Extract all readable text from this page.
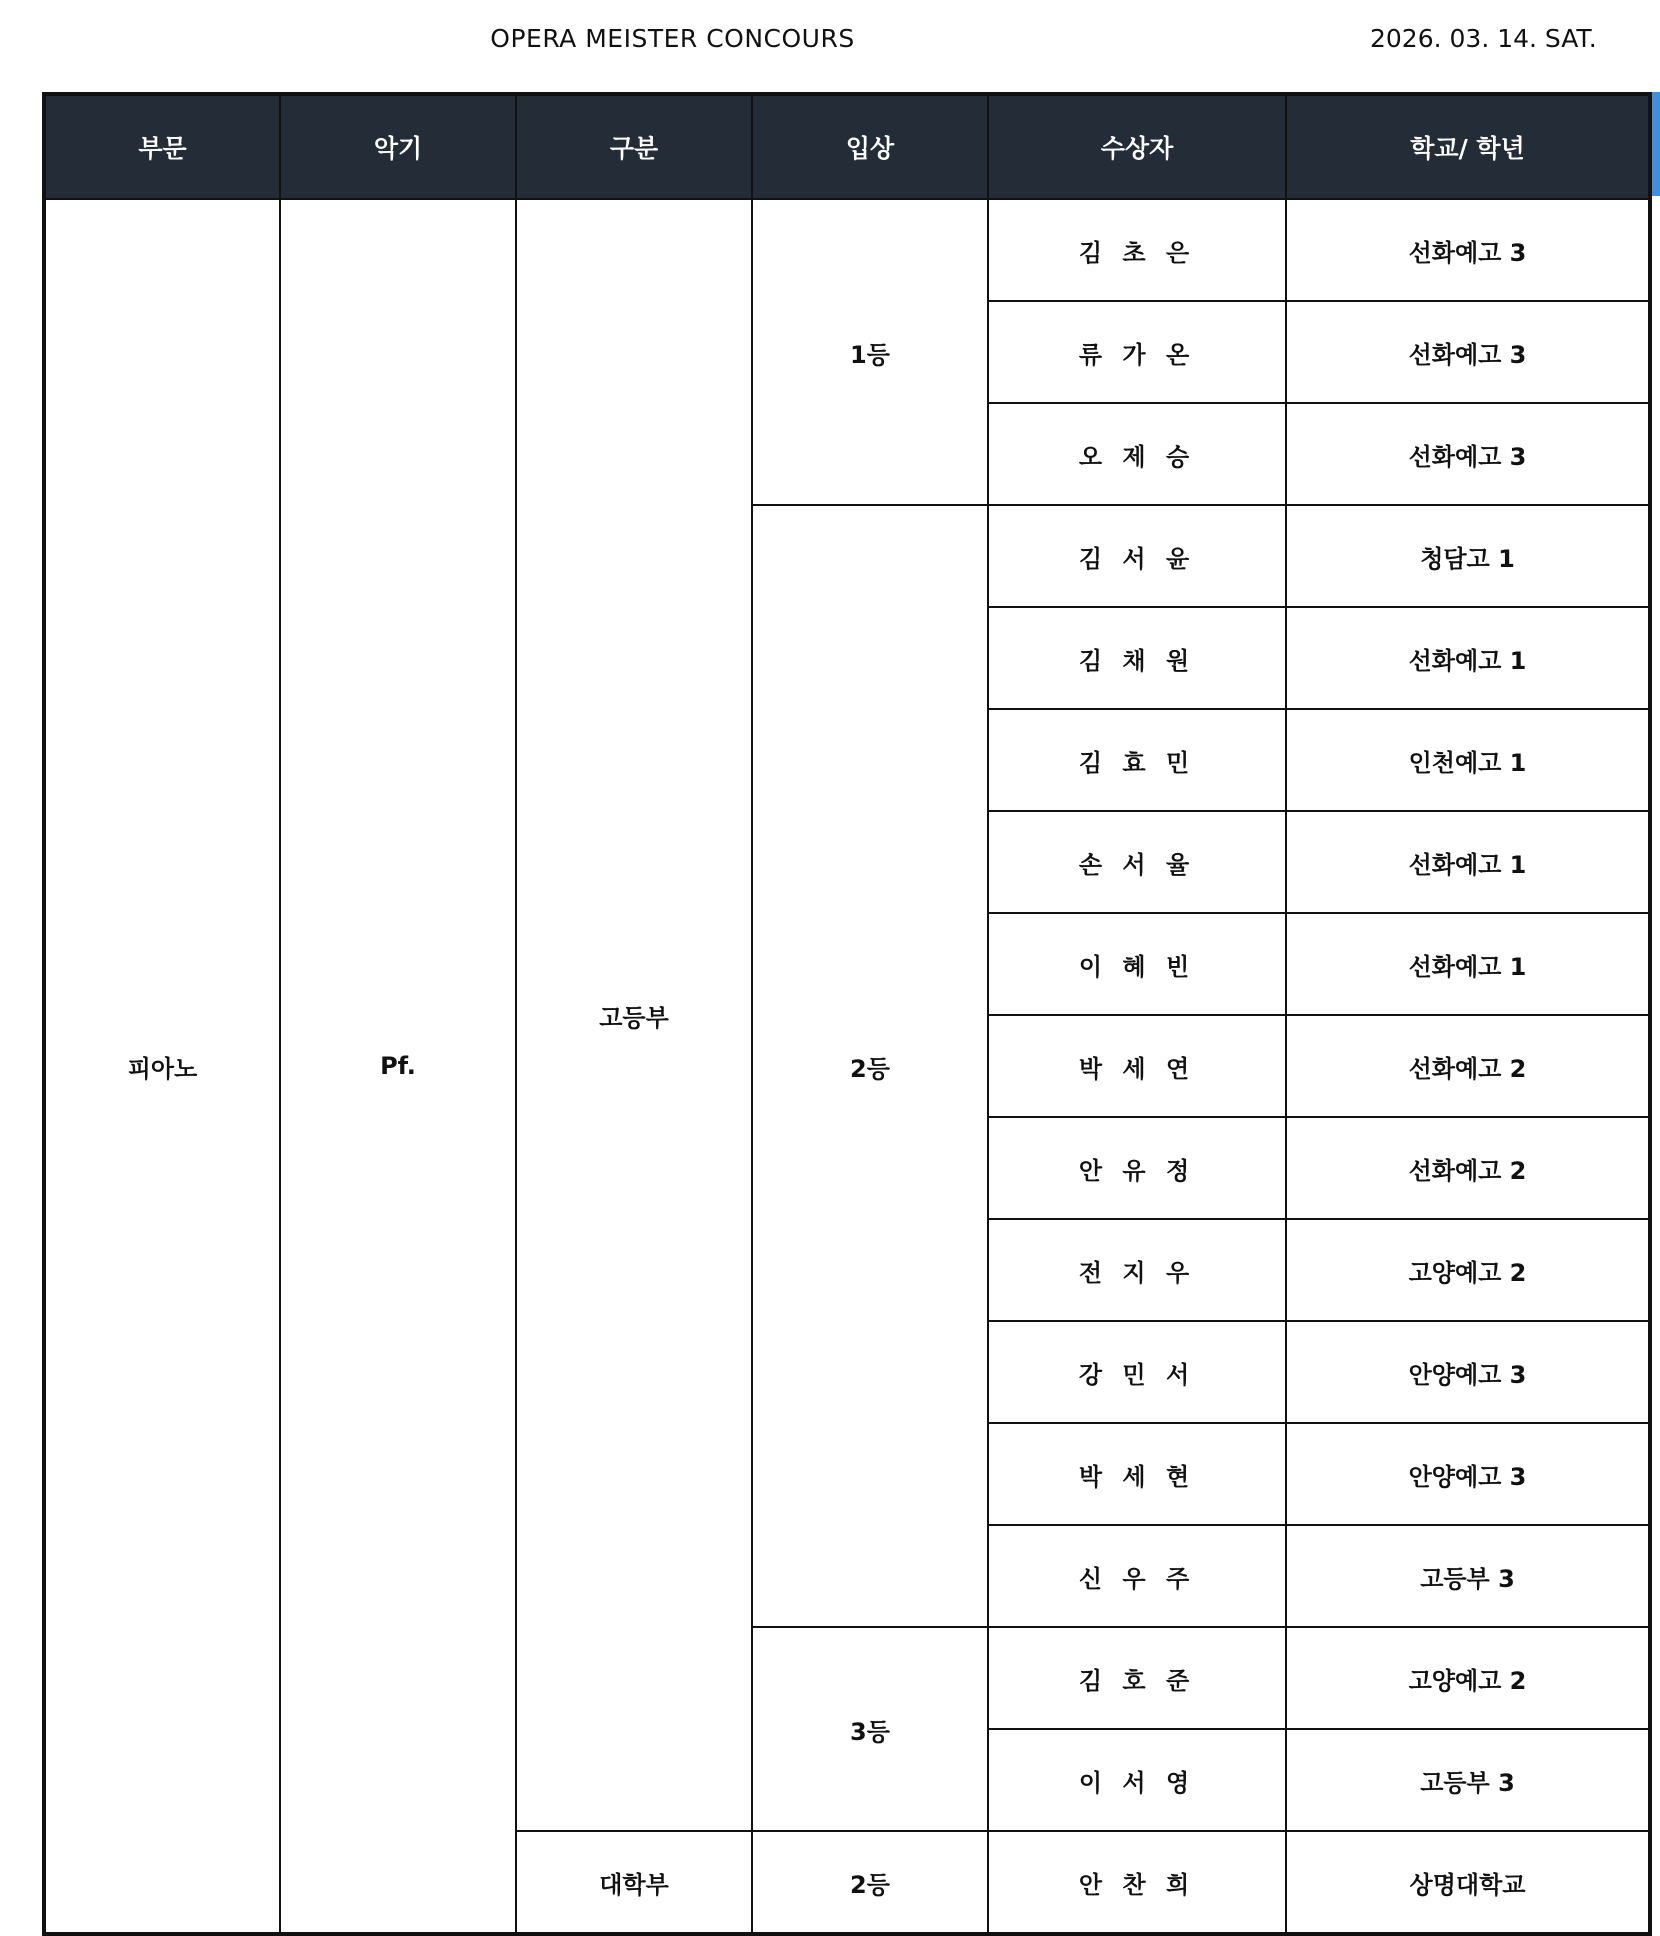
OPERA MEISTER CONCOURS	2026. 03. 14. SAT.
부문	악기	구분	입상	수상자	학교/ 학년
피아노	Pf.	고등부	1등	김 초 은	선화예고 3
				류 가 온	선화예고 3
				오 제 승	선화예고 3
			2등	김 서 윤	청담고 1
				김 채 원	선화예고 1
				김 효 민	인천예고 1
				손 서 율	선화예고 1
				이 혜 빈	선화예고 1
				박 세 연	선화예고 2
				안 유 정	선화예고 2
				전 지 우	고양예고 2
				강 민 서	안양예고 3
				박 세 현	안양예고 3
				신 우 주	고등부 3
			3등	김 호 준	고양예고 2
				이 서 영	고등부 3
		대학부	2등	안 찬 희	상명대학교
